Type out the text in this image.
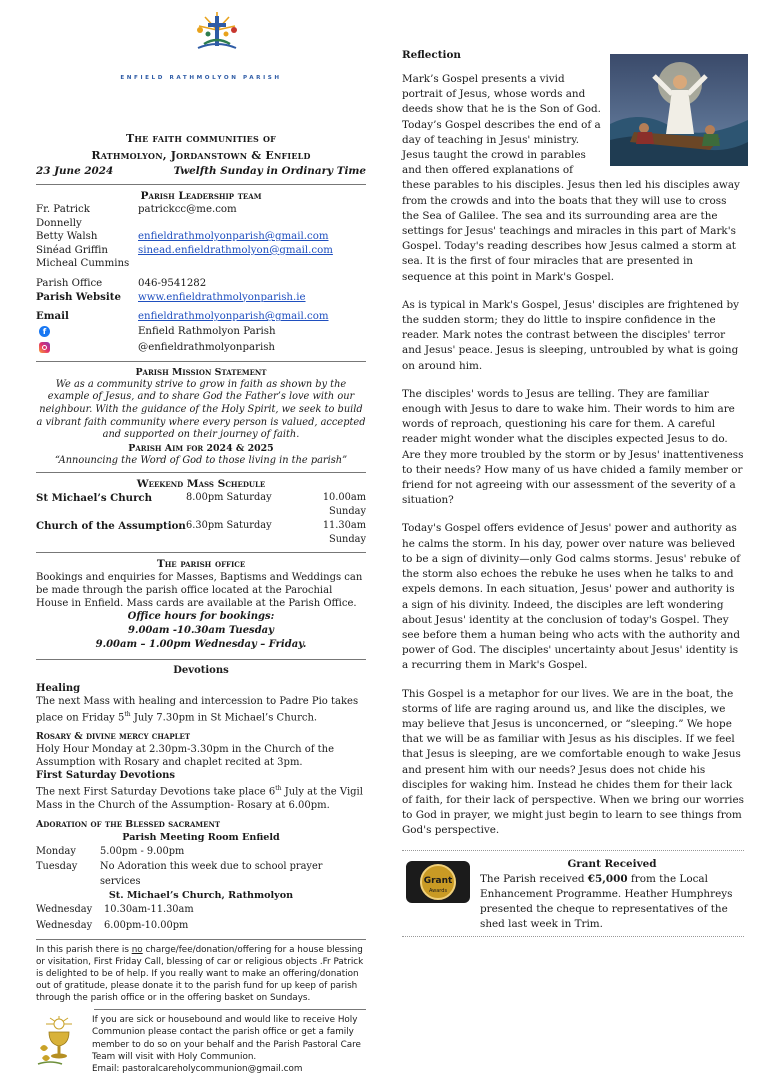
ENFIELD RATHMOLYON PARISH
The faith communities of
Rathmolyon, Jordanstown & Enfield
23 June 2024	Twelfth Sunday in Ordinary Time
Parish Leadership team
Fr. Patrick Donnelly
patrickcc@me.com
Betty Walsh	enfieldrathmolyonparish@gmail.com
Sinéad Griffin	sinead.enfieldrathmolyon@gmail.com
Micheal Cummins
Parish Office	046-9541282
Parish Website	www.enfieldrathmolyonparish.ie
Email	enfieldrathmolyonparish@gmail.com
f	Enfield Rathmolyon Parish
@enfieldrathmolyonparish
Parish Mission Statement
We as a community strive to grow in faith as shown by the example of Jesus, and to share God the Father’s love with our neighbour. With the guidance of the Holy Spirit, we seek to build a vibrant faith community where every person is valued, accepted and supported on their journey of faith.
Parish Aim for 2024 & 2025
“Announcing the Word of God to those living in the parish”
Weekend Mass Schedule
St Michael’s Church	8.00pm Saturday	10.00am Sunday
Church of the Assumption 6.30pm Saturday	11.30am Sunday
The parish office
Bookings and enquiries for Masses, Baptisms and Weddings can be made through the parish office located at the Parochial House in Enfield. Mass cards are available at the Parish Office.
Office hours for bookings:
9.00am -10.30am Tuesday
9.00am – 1.00pm Wednesday – Friday.
Devotions
Healing
The next Mass with healing and intercession to Padre Pio takes place on Friday 5th July 7.30pm in St Michael’s Church.
Rosary & divine mercy chaplet
Holy Hour Monday at 2.30pm-3.30pm in the Church of the Assumption with Rosary and chaplet recited at 3pm.
First Saturday Devotions
The next First Saturday Devotions take place 6th July at the Vigil Mass in the Church of the Assumption- Rosary at 6.00pm.
Adoration of the Blessed sacrament
Parish Meeting Room Enfield
Monday	5.00pm - 9.00pm
Tuesday	No Adoration this week due to school prayer services
St. Michael’s Church, Rathmolyon
Wednesday	10.30am-11.30am
Wednesday	6.00pm-10.00pm
In this parish there is no charge/fee/donation/offering for a house blessing or visitation, First Friday Call, blessing of car or religious objects .Fr Patrick is delighted to be of help. If you really want to make an offering/donation out of gratitude, please donate it to the parish fund for up keep of parish through the parish office or in the offering basket on Sundays.
If you are sick or housebound and would like to receive Holy Communion please contact the parish office or get a family member to do so on your behalf and the Parish Pastoral Care Team will visit with Holy Communion.
Email: pastoralcareholycommunion@gmail.com
Reflection
Mark’s Gospel presents a vivid portrait of Jesus, whose words and deeds show that he is the Son of God. Today’s Gospel describes the end of a day of teaching in Jesus' ministry. Jesus taught the crowd in parables and then offered explanations of these parables to his disciples. Jesus then led his disciples away from the crowds and into the boats that they will use to cross the Sea of Galilee. The sea and its surrounding area are the settings for Jesus' teachings and miracles in this part of Mark's Gospel. Today's reading describes how Jesus calmed a storm at sea. It is the first of four miracles that are presented in sequence at this point in Mark's Gospel.
As is typical in Mark's Gospel, Jesus' disciples are frightened by the sudden storm; they do little to inspire confidence in the reader. Mark notes the contrast between the disciples' terror and Jesus' peace. Jesus is sleeping, untroubled by what is going on around him.
The disciples' words to Jesus are telling. They are familiar enough with Jesus to dare to wake him. Their words to him are words of reproach, questioning his care for them. A careful reader might wonder what the disciples expected Jesus to do. Are they more troubled by the storm or by Jesus' inattentiveness to their needs? How many of us have chided a family member or friend for not agreeing with our assessment of the severity of a situation?
Today's Gospel offers evidence of Jesus' power and authority as he calms the storm. In his day, power over nature was believed to be a sign of divinity—only God calms storms. Jesus' rebuke of the storm also echoes the rebuke he uses when he talks to and expels demons. In each situation, Jesus' power and authority is a sign of his divinity. Indeed, the disciples are left wondering about Jesus' identity at the conclusion of today's Gospel. They see before them a human being who acts with the authority and power of God. The disciples' uncertainty about Jesus' identity is a recurring them in Mark's Gospel.
This Gospel is a metaphor for our lives. We are in the boat, the storms of life are raging around us, and like the disciples, we may believe that Jesus is unconcerned, or “sleeping.” We hope that we will be as familiar with Jesus as his disciples. If we feel that Jesus is sleeping, are we comfortable enough to wake Jesus and present him with our needs? Jesus does not chide his disciples for waking him. Instead he chides them for their lack of faith, for their lack of perspective. When we bring our worries to God in prayer, we might just begin to learn to see things from God's perspective.
Grant
Awards
Grant Received
The Parish received €5,000 from the Local Enhancement Programme. Heather Humphreys presented the cheque to representatives of the shed last week in Trim.
